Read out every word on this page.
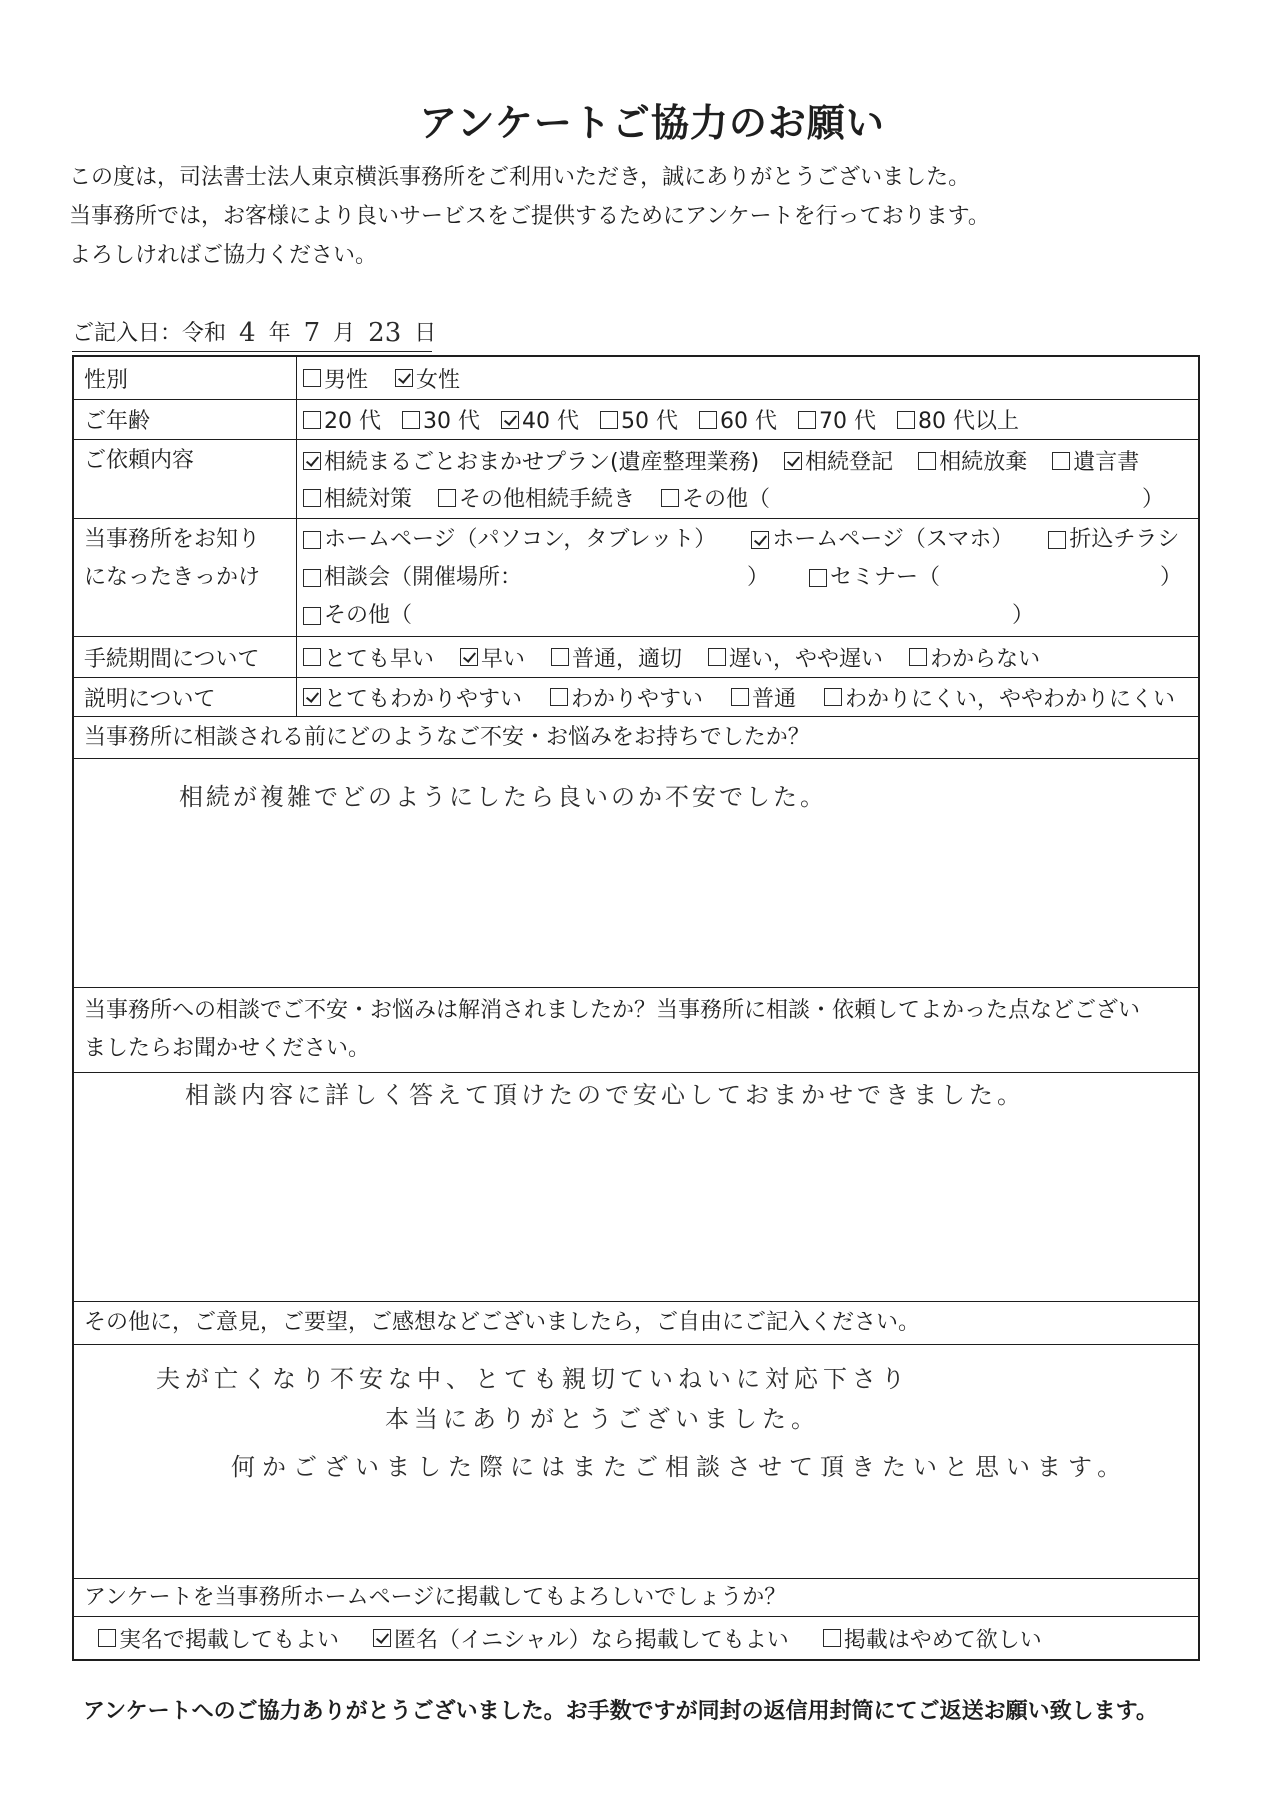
アンケートご協力のお願い
この度は，司法書士法人東京横浜事務所をご利用いただき，誠にありがとうございました。
当事務所では，お客様により良いサービスをご提供するためにアンケートを行っております。
よろしければご協力ください。
ご記入日： 令和 4 年 7 月 23 日
性別	男性 女性
ご年齢	20 代 30 代 40 代 50 代 60 代 70 代 80 代以上
ご依頼内容	相続まるごとおまかせプラン(遺産整理業務) 相続登記 相続放棄 遺言書
相続対策 その他相続手続き その他（	）
当事務所をお知り
になったきっかけ
ホームページ（パソコン，タブレット）	ホームページ（スマホ）	折込チラシ
相談会（開催場所：	）	セミナー（	）
その他（	）
手続期間について	とても早い 早い 普通，適切 遅い，やや遅い わからない
説明について	とてもわかりやすい わかりやすい 普通 わかりにくい，ややわかりにくい
当事務所に相談される前にどのようなご不安・お悩みをお持ちでしたか？
相続が複雑でどのようにしたら良いのか不安でした。
当事務所への相談でご不安・お悩みは解消されましたか？当事務所に相談・依頼してよかった点などござい
ましたらお聞かせください。
相談内容に詳しく答えて頂けたので安心しておまかせできました。
その他に，ご意見，ご要望，ご感想などございましたら，ご自由にご記入ください。
夫が亡くなり不安な中、とても親切ていねいに対応下さり
本当にありがとうございました。
何かございました際にはまたご相談させて頂きたいと思います。
アンケートを当事務所ホームページに掲載してもよろしいでしょうか？
実名で掲載してもよい	匿名（イニシャル）なら掲載してもよい	掲載はやめて欲しい
アンケートへのご協力ありがとうございました。お手数ですが同封の返信用封筒にてご返送お願い致します。
